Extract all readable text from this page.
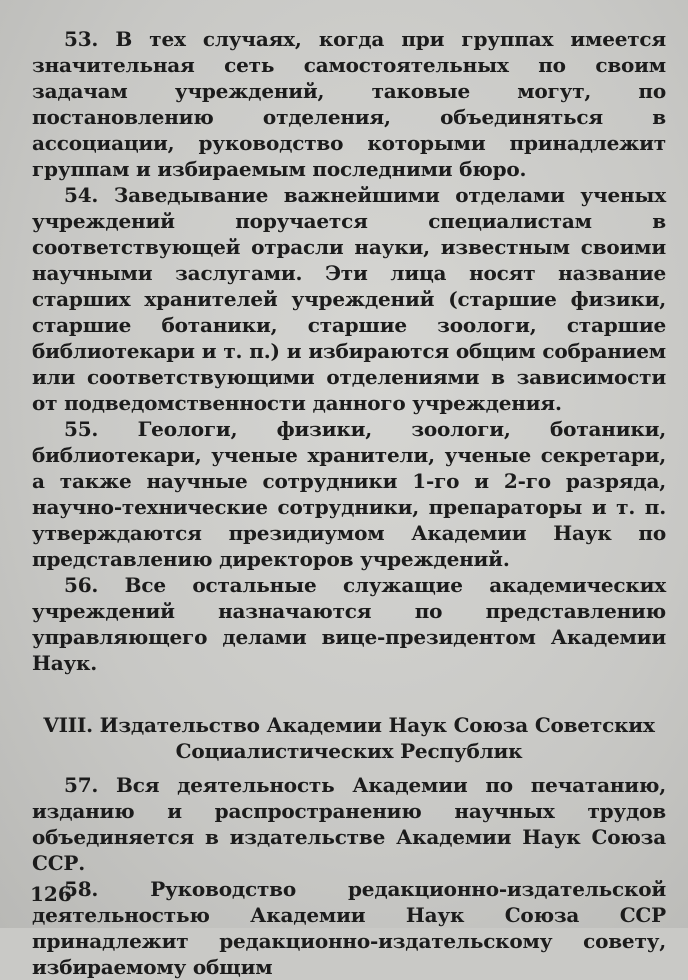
53. В тех случаях, когда при группах имеется значительная сеть самостоятельных по своим задачам учреждений, таковые могут, по постановлению отделения, объединяться в ассоциации, руководство которыми принадлежит группам и избираемым последними бюро.

54. Заведывание важнейшими отделами ученых учреждений поручается специалистам в соответствующей отрасли науки, известным своими научными заслугами. Эти лица носят название старших хранителей учреждений (старшие физики, старшие ботаники, старшие зоологи, старшие библиотекари и т. п.) и избираются общим собранием или соответствующими отделениями в зависимости от подведомственности данного учреждения.

55. Геологи, физики, зоологи, ботаники, библиотекари, ученые хранители, ученые секретари, а также научные сотрудники 1-го и 2-го разряда, научно-технические сотрудники, препараторы и т. п. утверждаются президиумом Академии Наук по представлению директоров учреждений.

56. Все остальные служащие академических учреждений назначаются по представлению управляющего делами вице-президентом Академии Наук.

VIII. Издательство Академии Наук Союза Советских
Социалистических Республик

57. Вся деятельность Академии по печатанию, изданию и распространению научных трудов объединяется в издательстве Академии Наук Союза ССР.

58.	Руководство редакционно-издательской деятельностью Академии Наук Союза ССР принадлежит редакционно-издательскому совету, избираемому общим

126
